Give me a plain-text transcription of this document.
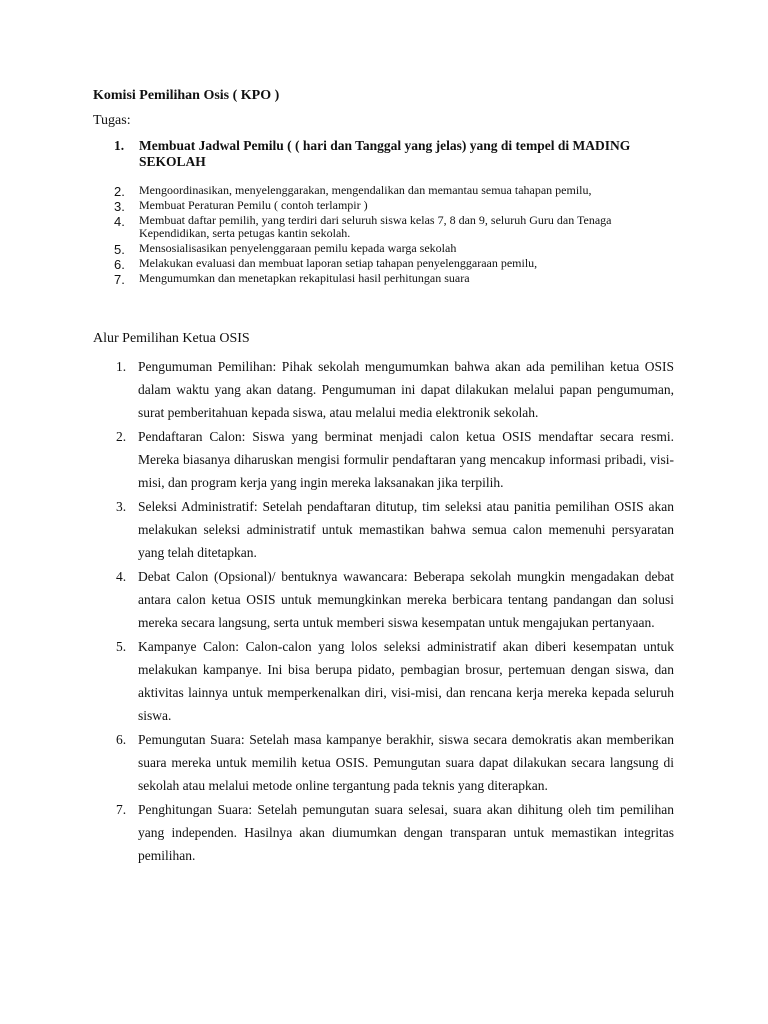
Komisi Pemilihan Osis ( KPO )
Tugas:
1. Membuat Jadwal Pemilu ( ( hari dan Tanggal yang jelas) yang di tempel di MADING SEKOLAH
2. Mengoordinasikan, menyelenggarakan, mengendalikan dan memantau semua tahapan pemilu,
3. Membuat Peraturan Pemilu ( contoh terlampir )
4. Membuat daftar pemilih, yang terdiri dari seluruh siswa kelas 7, 8 dan 9, seluruh Guru dan Tenaga Kependidikan, serta petugas kantin sekolah.
5. Mensosialisasikan penyelenggaraan pemilu kepada warga sekolah
6. Melakukan evaluasi dan membuat laporan setiap tahapan penyelenggaraan pemilu,
7. Mengumumkan dan menetapkan rekapitulasi hasil perhitungan suara
Alur Pemilihan Ketua OSIS
1. Pengumuman Pemilihan: Pihak sekolah mengumumkan bahwa akan ada pemilihan ketua OSIS dalam waktu yang akan datang. Pengumuman ini dapat dilakukan melalui papan pengumuman, surat pemberitahuan kepada siswa, atau melalui media elektronik sekolah.
2. Pendaftaran Calon: Siswa yang berminat menjadi calon ketua OSIS mendaftar secara resmi. Mereka biasanya diharuskan mengisi formulir pendaftaran yang mencakup informasi pribadi, visi-misi, dan program kerja yang ingin mereka laksanakan jika terpilih.
3. Seleksi Administratif: Setelah pendaftaran ditutup, tim seleksi atau panitia pemilihan OSIS akan melakukan seleksi administratif untuk memastikan bahwa semua calon memenuhi persyaratan yang telah ditetapkan.
4. Debat Calon (Opsional)/ bentuknya wawancara: Beberapa sekolah mungkin mengadakan debat antara calon ketua OSIS untuk memungkinkan mereka berbicara tentang pandangan dan solusi mereka secara langsung, serta untuk memberi siswa kesempatan untuk mengajukan pertanyaan.
5. Kampanye Calon: Calon-calon yang lolos seleksi administratif akan diberi kesempatan untuk melakukan kampanye. Ini bisa berupa pidato, pembagian brosur, pertemuan dengan siswa, dan aktivitas lainnya untuk memperkenalkan diri, visi-misi, dan rencana kerja mereka kepada seluruh siswa.
6. Pemungutan Suara: Setelah masa kampanye berakhir, siswa secara demokratis akan memberikan suara mereka untuk memilih ketua OSIS. Pemungutan suara dapat dilakukan secara langsung di sekolah atau melalui metode online tergantung pada teknis yang diterapkan.
7. Penghitungan Suara: Setelah pemungutan suara selesai, suara akan dihitung oleh tim pemilihan yang independen. Hasilnya akan diumumkan dengan transparan untuk memastikan integritas pemilihan.
